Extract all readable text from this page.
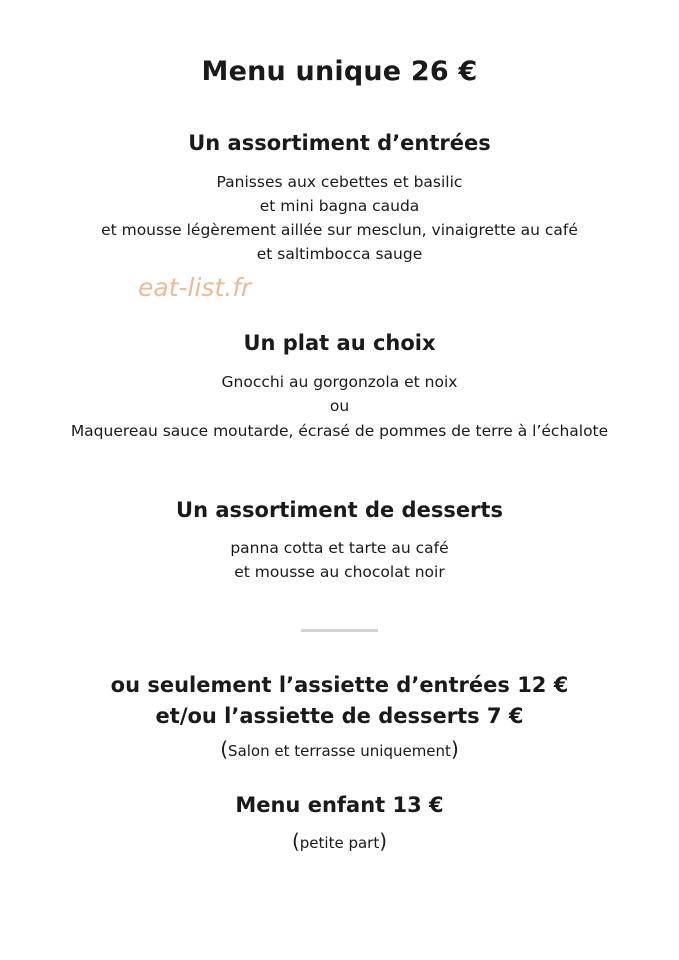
Menu unique 26 €
Un assortiment d’entrées
Panisses aux cebettes et basilic
et mini bagna cauda
et mousse légèrement aillée sur mesclun, vinaigrette au café
et saltimbocca sauge
eat-list.fr
Un plat au choix
Gnocchi au gorgonzola et noix
ou
Maquereau sauce moutarde, écrasé de pommes de terre à l’échalote
Un assortiment de desserts
panna cotta et tarte au café
et mousse au chocolat noir
ou seulement l’assiette d’entrées 12 €
et/ou l’assiette de desserts 7 €
(Salon et terrasse uniquement)
Menu enfant 13 €
(petite part)
